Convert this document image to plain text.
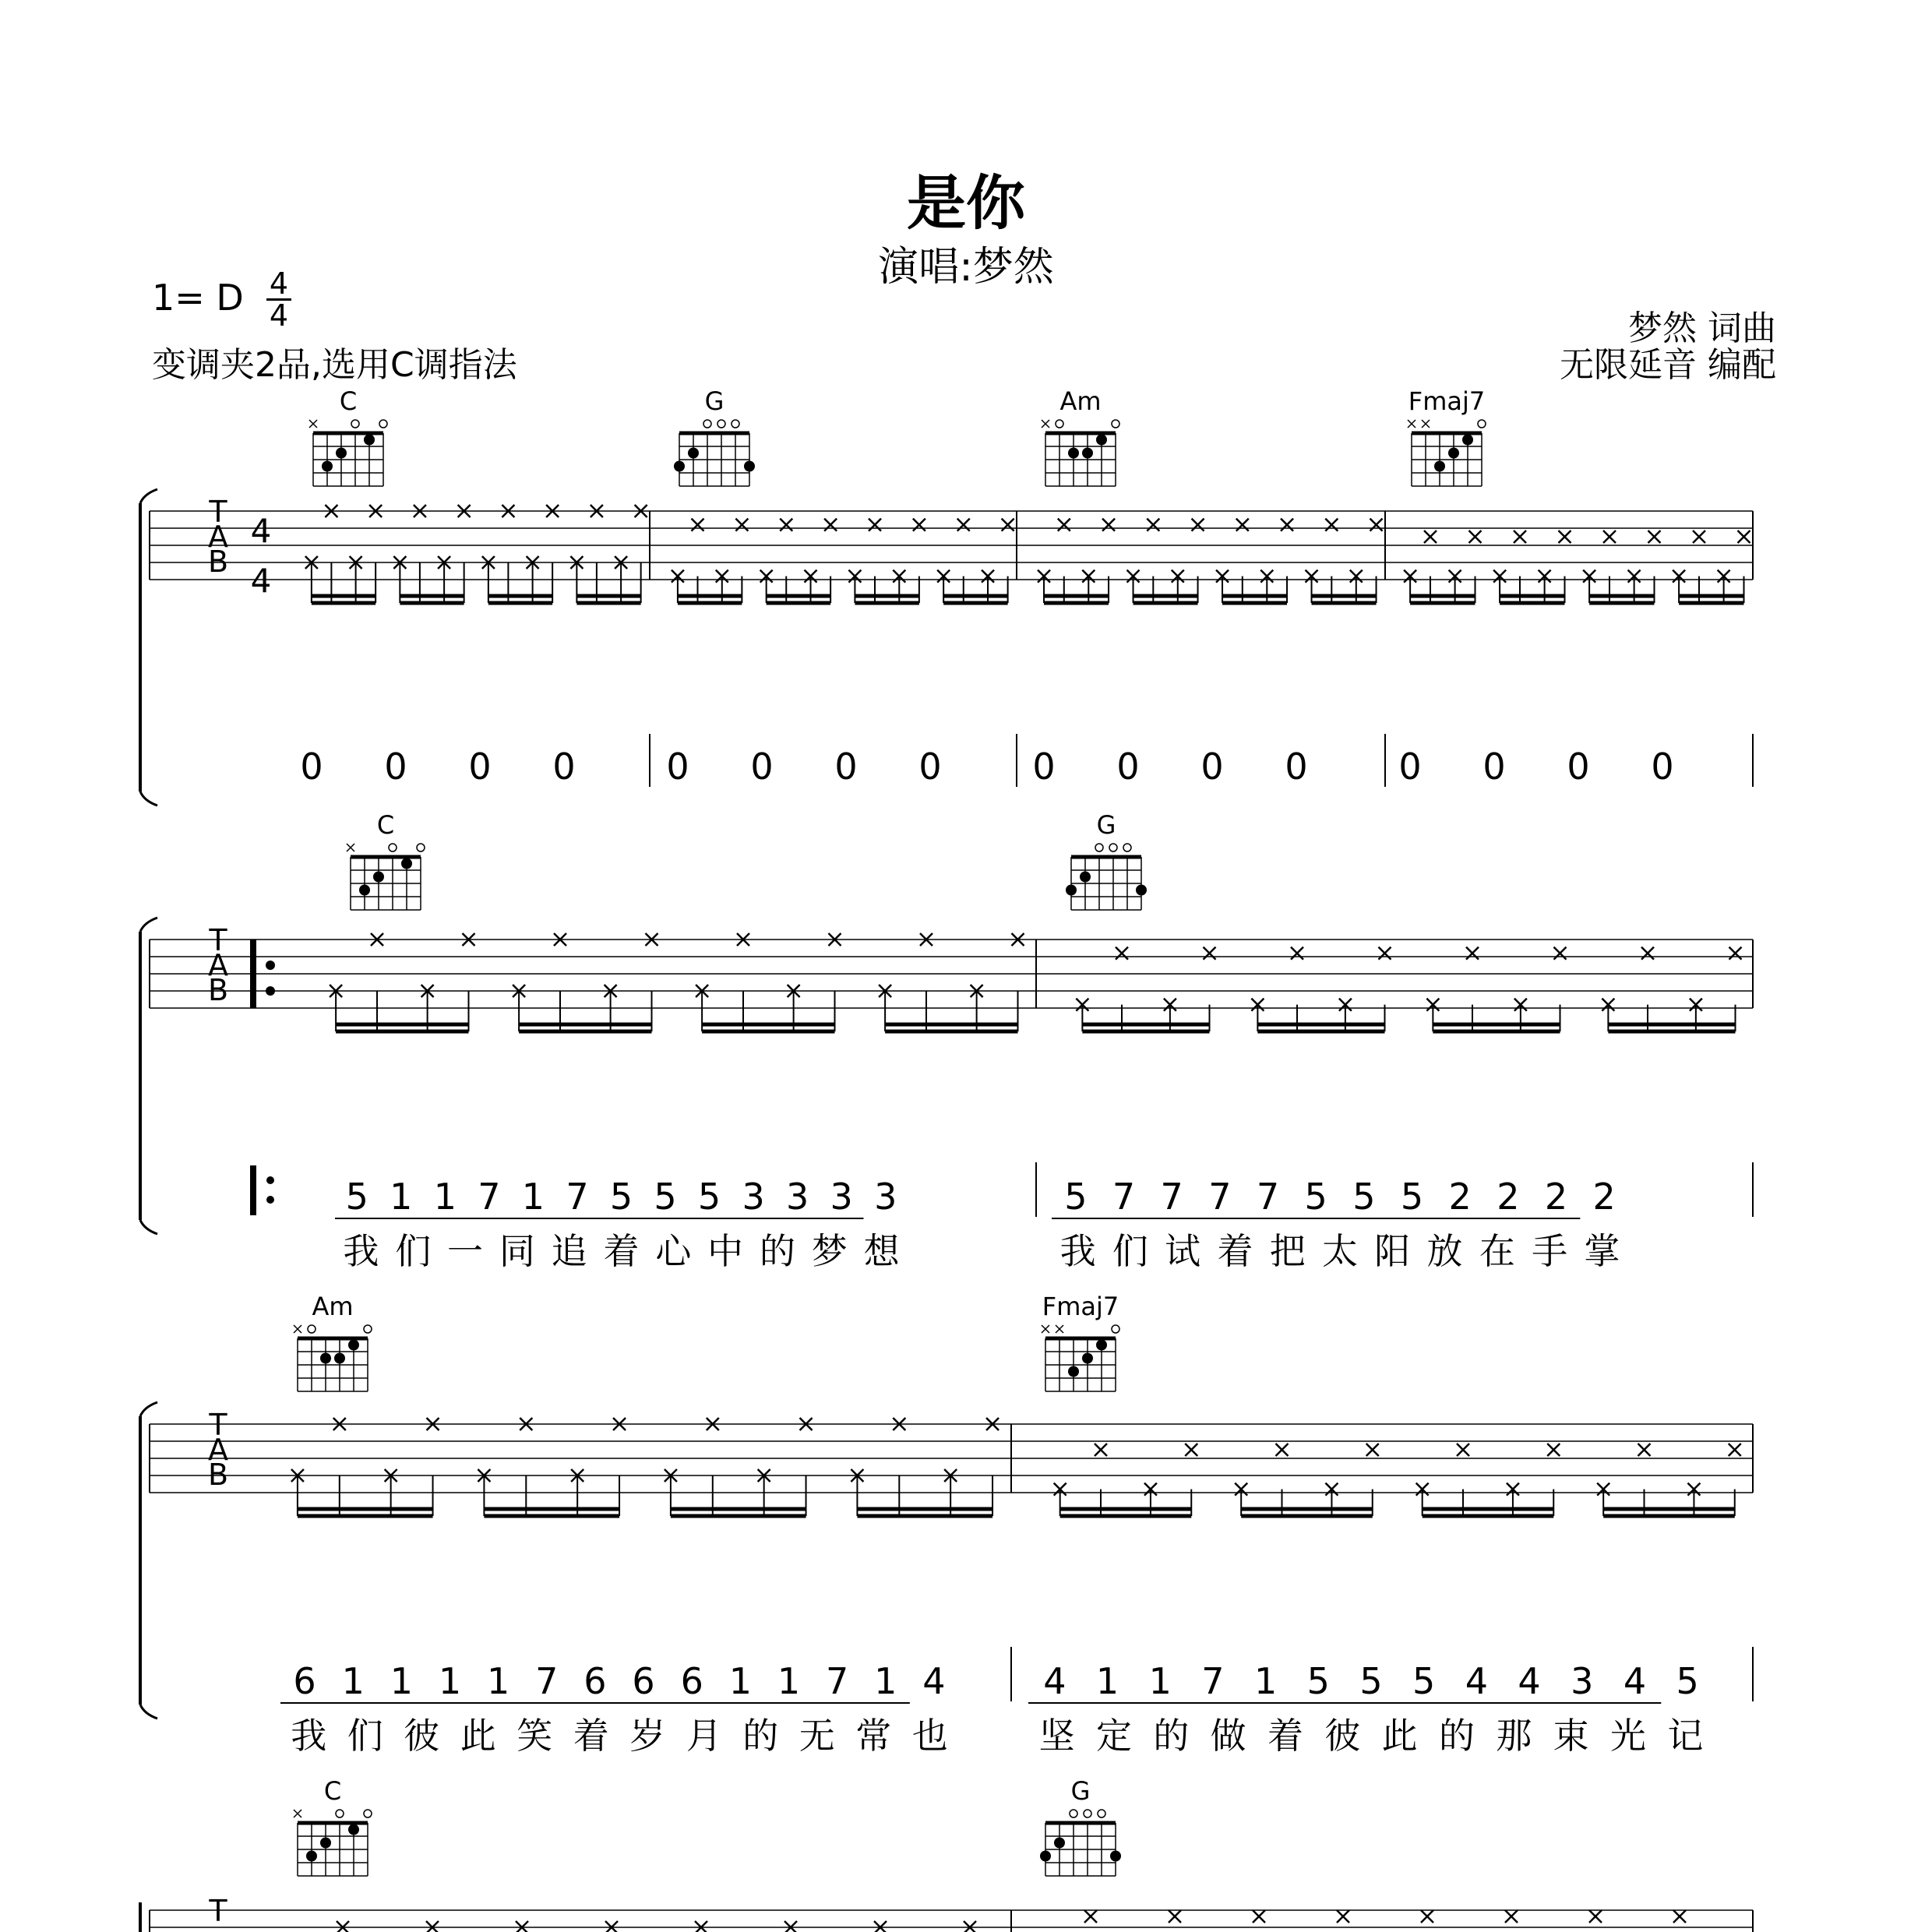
是你
演唱:梦然
1= D 4
4
变调夹2品,选用C调指法
梦然 词曲
无限延音 编配
T
A
B
4
4
C
0 0 0 0
G
0 0 0 0
Am
0 0 0 0
Fmaj7
0 0 0 0
T
A
B
C	G
5 1 1 7 1 7 5 5 5 3 3 3 3
我 们 一 同 追 着 心 中 的 梦 想
5 7 7 7 7 5 5 5 2 2 2 2
我 们 试 着 把 太 阳 放 在 手 掌
T
A
B
Am	Fmaj7
6 1 1 1 1 7 6 6 6 1 1 7 1 4
我 们 彼 此 笑 着 岁 月 的 无 常 也
4 1 1 7 1 5 5 5 4 4 3 4 5
坚 定 的 做 着 彼 此 的 那 束 光 记
T
C	G
